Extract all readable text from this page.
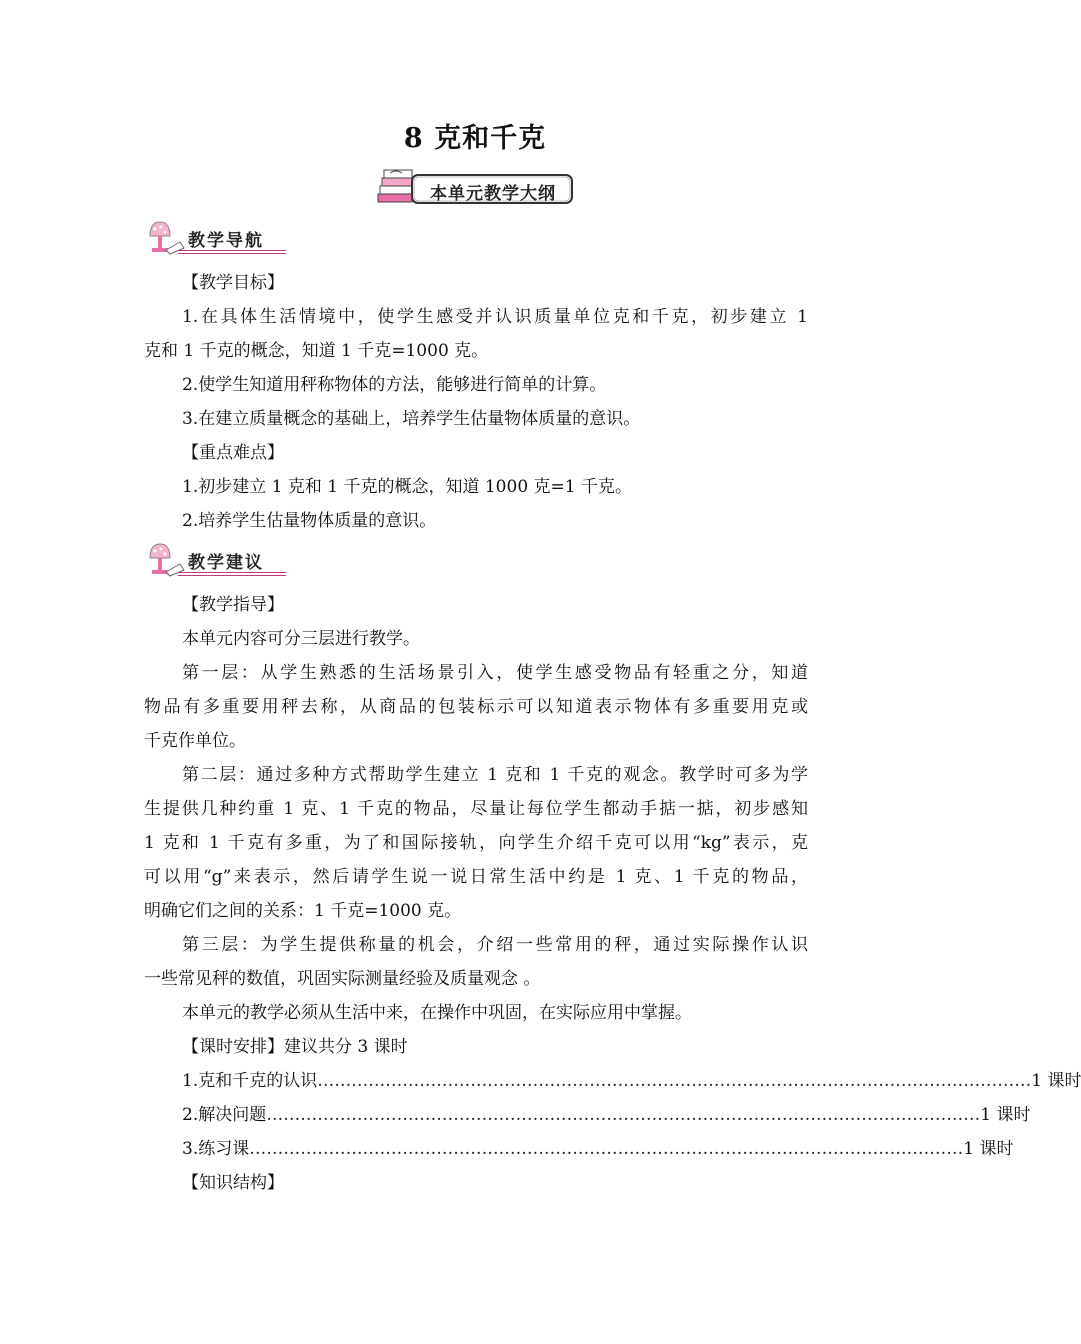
8 克和千克
本单元教学大纲
教学导航
【教学目标】
1.在具体生活情境中，使学生感受并认识质量单位克和千克，初步建立 1
克和 1 千克的概念，知道 1 千克=1000 克。
2.使学生知道用秤称物体的方法，能够进行简单的计算。
3.在建立质量概念的基础上，培养学生估量物体质量的意识。
【重点难点】
1.初步建立 1 克和 1 千克的概念，知道 1000 克=1 千克。
2.培养学生估量物体质量的意识。
教学建议
【教学指导】
本单元内容可分三层进行教学。
第一层：从学生熟悉的生活场景引入，使学生感受物品有轻重之分，知道
物品有多重要用秤去称，从商品的包装标示可以知道表示物体有多重要用克或
千克作单位。
第二层：通过多种方式帮助学生建立 1 克和 1 千克的观念。教学时可多为学
生提供几种约重 1 克、1 千克的物品，尽量让每位学生都动手掂一掂，初步感知
1 克和 1 千克有多重，为了和国际接轨，向学生介绍千克可以用“kg”表示，克
可以用“g”来表示，然后请学生说一说日常生活中约是 1 克、1 千克的物品，
明确它们之间的关系：1 千克=1000 克。
第三层：为学生提供称量的机会，介绍一些常用的秤，通过实际操作认识
一些常见秤的数值，巩固实际测量经验及质量观念 。
本单元的教学必须从生活中来，在操作中巩固，在实际应用中掌握。
【课时安排】建议共分 3 课时
1.克和千克的认识 ……………………………………………………………………………………………………………… 1 课时
2.解决问题 ……………………………………………………………………………………………………………… 1 课时
3.练习课 ……………………………………………………………………………………………………………… 1 课时
【知识结构】
